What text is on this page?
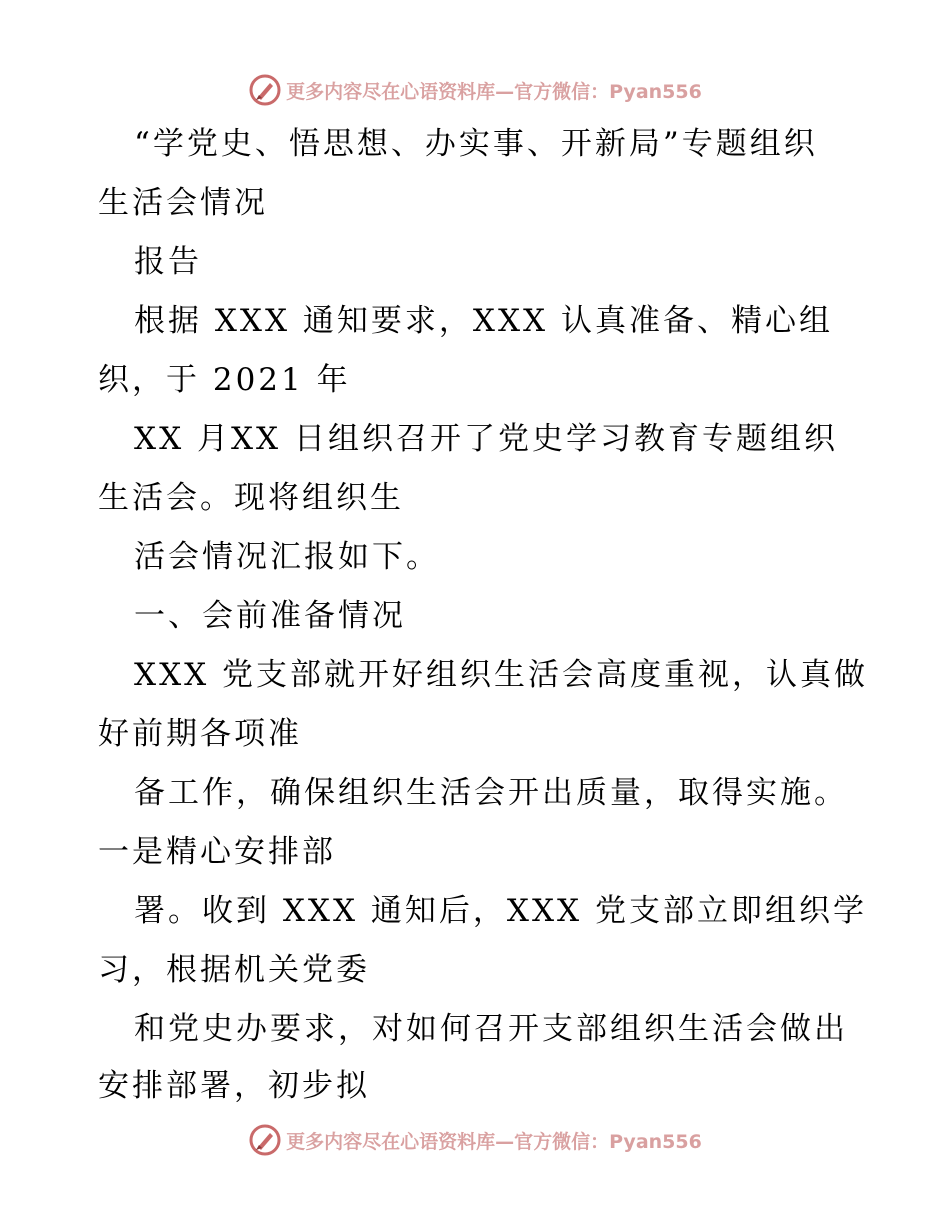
更多内容尽在心语资料库—官方微信：Pyan556
“学党史、悟思想、办实事、开新局”专题组织
生活会情况
报告
根据 XXX 通知要求，XXX 认真准备、精心组
织，于 2021 年
XX 月XX 日组织召开了党史学习教育专题组织
生活会。现将组织生
活会情况汇报如下。
一、会前准备情况
XXX 党支部就开好组织生活会高度重视，认真做
好前期各项准
备工作，确保组织生活会开出质量，取得实施。
一是精心安排部
署。收到 XXX 通知后，XXX 党支部立即组织学
习，根据机关党委
和党史办要求，对如何召开支部组织生活会做出
安排部署，初步拟
更多内容尽在心语资料库—官方微信：Pyan556
